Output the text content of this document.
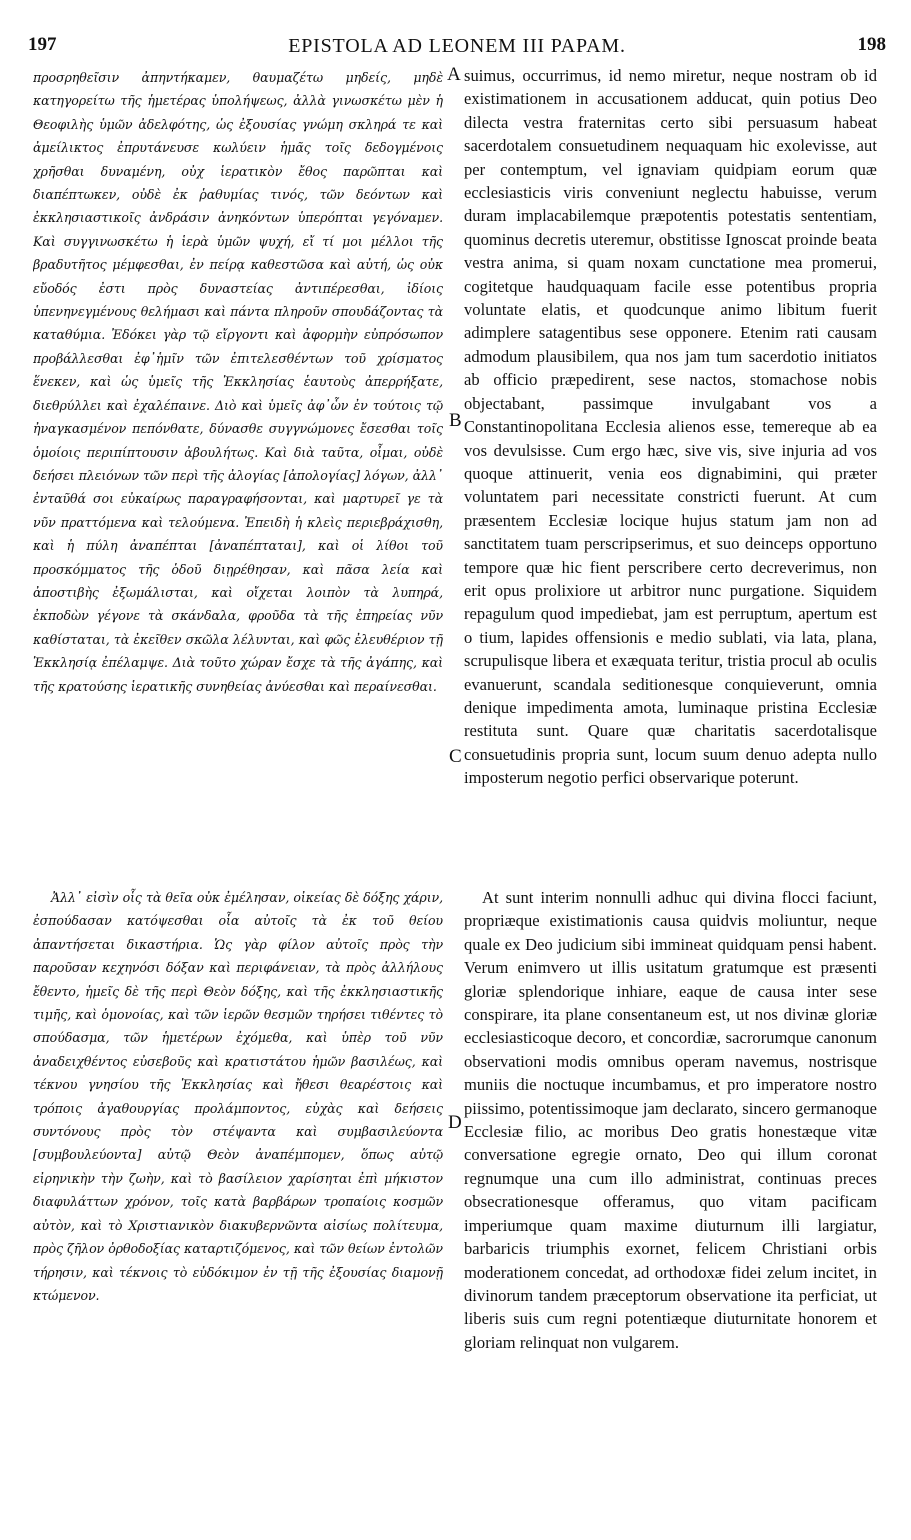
197	EPISTOLA AD LEONEM III PAPAM.	198
προσρηθεῖσιν ἀπηντήκαμεν, θαυμαζέτω μηδείς, μηδὲ κατηγορείτω τῆς ἡμετέρας ὑπολήψεως, ἀλλὰ γινωσκέτω μὲν ἡ Θεοφιλὴς ὑμῶν ἀδελφότης, ὡς ἐξουσίας γνώμη σκληρά τε καὶ ἀμείλικτος ἐπρυτάνευσε κωλύειν ἡμᾶς τοῖς δεδογμένοις χρῆσθαι δυναμένη, οὐχ ἱερατικὸν ἔθος παρῶπται καὶ διαπέπτωκεν, οὐδὲ ἐκ ῥαθυμίας τινός, τῶν δεόντων καὶ ἐκκλησιαστικοῖς ἀνδράσιν ἀνηκόντων ὑπερόπται γεγόναμεν. Καὶ συγγινωσκέτω ἡ ἱερὰ ὑμῶν ψυχή, εἴ τί μοι μέλλοι τῆς βραδυτῆτος μέμφεσθαι, ἐν πείρᾳ καθεστῶσα καὶ αὐτή, ὡς οὐκ εὔοδός ἐστι πρὸς δυναστείας ἀντιπέρεσθαι, ἰδίοις ὑπενηνεγμένους θελήμασι καὶ πάντα πληροῦν σπουδάζοντας τὰ καταθύμια. Ἐδόκει γὰρ τῷ εἴργοντι καὶ ἀφορμὴν εὐπρόσωπον προβάλλεσθαι ἐφ᾽ἡμῖν τῶν ἐπιτελεσθέντων τοῦ χρίσματος ἕνεκεν, καὶ ὡς ὑμεῖς τῆς Ἐκκλησίας ἑαυτοὺς ἀπερρήξατε, διεθρύλλει καὶ ἐχαλέπαινε. Διὸ καὶ ὑμεῖς ἀφ᾽ὧν ἐν τούτοις τῷ ἠναγκασμένον πεπόνθατε, δύνασθε συγγνώμονες ἔσεσθαι τοῖς ὁμοίοις περιπίπτουσιν ἀβουλήτως. Καὶ διὰ ταῦτα, οἶμαι, οὐδὲ δεήσει πλειόνων τῶν περὶ τῆς ἀλογίας [ἀπολογίας] λόγων, ἀλλ᾽ ἐνταῦθά σοι εὐκαίρως παραγραφήσονται, καὶ μαρτυρεῖ γε τὰ νῦν πραττόμενα καὶ τελούμενα. Ἐπειδὴ ἡ κλεὶς περιεβράχισθη, καὶ ἡ πύλη ἀναπέπται [ἀναπέπταται], καὶ οἱ λίθοι τοῦ προσκόμματος τῆς ὁδοῦ διῃρέθησαν, καὶ πᾶσα λεία καὶ ἀποστιβὴς ἐξωμάλισται, καὶ οἴχεται λοιπὸν τὰ λυπηρά, ἐκποδὼν γέγονε τὰ σκάνδαλα, φροῦδα τὰ τῆς ἐπηρείας νῦν καθίσταται, τὰ ἐκεῖθεν σκῶλα λέλυνται, καὶ φῶς ἐλευθέριον τῇ Ἐκκλησίᾳ ἐπέλαμψε. Διὰ τοῦτο χώραν ἔσχε τὰ τῆς ἀγάπης, καὶ τῆς κρατούσης ἱερατικῆς συνηθείας ἀνύεσθαι καὶ περαίνεσθαι.
suimus, occurrimus, id nemo miretur, neque nostram ob id existimationem in accusationem adducat, quin potius Deo dilecta vestra fraternitas certo sibi persuasum habeat sacerdotalem consuetudinem nequaquam hic exolevisse, aut per contemptum, vel ignaviam quidpiam eorum quæ ecclesiasticis viris conveniunt neglectu habuisse, verum duram implacabilemque præpotentis potestatis sententiam, quominus decretis uteremur, obstitisse Ignoscat proinde beata vestra anima, si quam noxam cunctatione mea promerui, cogitetque haudquaquam facile esse potentibus propria voluntate elatis, et quodcunque animo libitum fuerit adimplere satagentibus sese opponere. Etenim rati causam admodum plausibilem, qua nos jam tum sacerdotio initiatos ab officio præpedirent, sese nactos, stomachose nobis objectabant, passimque invulgabant vos a Constantinopolitana Ecclesia alienos esse, temereque ab ea vos devulsisse. Cum ergo hæc, sive vis, sive injuria ad vos quoque attinuerit, venia eos dignabimini, qui præter voluntatem pari necessitate constricti fuerunt. At cum præsentem Ecclesiæ locique hujus statum jam non ad sanctitatem tuam perscripserimus, et suo deinceps opportuno tempore quæ hic fient perscribere certo decreverimus, non erit opus prolixiore ut arbitror nunc purgatione. Siquidem repagulum quod impediebat, jam est perruptum, apertum est o tium, lapides offensionis e medio sublati, via lata, plana, scrupulisque libera et exæquata teritur, tristia procul ab oculis evanuerunt, scandala seditionesque conquieverunt, omnia denique impedimenta amota, luminaque pristina Ecclesiæ restituta sunt. Quare quæ charitatis sacerdotalisque consuetudinis propria sunt, locum suum denuo adepta nullo imposterum negotio perfici observarique poterunt.
Ἀλλ᾽ εἰσὶν οἷς τὰ θεῖα οὐκ ἐμέλησαν, οἰκείας δὲ δόξης χάριν, ἐσπούδασαν κατόψεσθαι οἷα αὐτοῖς τὰ ἐκ τοῦ θείου ἀπαντήσεται δικαστήρια. Ὡς γὰρ φίλον αὐτοῖς πρὸς τὴν παροῦσαν κεχηνόσι δόξαν καὶ περιφάνειαν, τὰ πρὸς ἀλλήλους ἔθεντο, ἡμεῖς δὲ τῆς περὶ Θεὸν δόξης, καὶ τῆς ἐκκλησιαστικῆς τιμῆς, καὶ ὁμονοίας, καὶ τῶν ἱερῶν θεσμῶν τηρήσει τιθέντες τὸ σπούδασμα, τῶν ἡμετέρων ἐχόμεθα, καὶ ὑπὲρ τοῦ νῦν ἀναδειχθέντος εὐσεβοῦς καὶ κρατιστάτου ἡμῶν βασιλέως, καὶ τέκνου γνησίου τῆς Ἐκκλησίας καὶ ἤθεσι θεαρέστοις καὶ τρόποις ἀγαθουργίας προλάμποντος, εὐχὰς καὶ δεήσεις συντόνους πρὸς τὸν στέψαντα καὶ συμβασιλεύοντα [συμβουλεύοντα] αὐτῷ Θεὸν ἀναπέμπομεν, ὅπως αὐτῷ εἰρηνικὴν τὴν ζωὴν, καὶ τὸ βασίλειον χαρίσηται ἐπὶ μήκιστον διαφυλάττων χρόνον, τοῖς κατὰ βαρβάρων τροπαίοις κοσμῶν αὐτὸν, καὶ τὸ Χριστιανικὸν διακυβερνῶντα αἰσίως πολίτευμα, πρὸς ζῆλον ὀρθοδοξίας καταρτιζόμενος, καὶ τῶν θείων ἐντολῶν τήρησιν, καὶ τέκνοις τὸ εὐδόκιμον ἐν τῇ τῆς ἐξουσίας διαμονῇ κτώμενον.
At sunt interim nonnulli adhuc qui divina flocci faciunt, propriæque existimationis causa quidvis moliuntur, neque quale ex Deo judicium sibi immineat quidquam pensi habent. Verum enimvero ut illis usitatum gratumque est præsenti gloriæ splendorique inhiare, eaque de causa inter sese conspirare, ita plane consentaneum est, ut nos divinæ gloriæ ecclesiasticoque decoro, et concordiæ, sacrorumque canonum observationi modis omnibus operam navemus, nostrisque muniis die noctuque incumbamus, et pro imperatore nostro piissimo, potentissimoque jam declarato, sincero germanoque Ecclesiæ filio, ac moribus Deo gratis honestæque vitæ conversatione egregie ornato, Deo qui illum coronat regnumque una cum illo administrat, continuas preces obsecrationesque offeramus, quo vitam pacificam imperiumque quam maxime diuturnum illi largiatur, barbaricis triumphis exornet, felicem Christiani orbis moderationem concedat, ad orthodoxæ fidei zelum incitet, in divinorum tandem præceptorum observatione ita perficiat, ut liberis suis cum regni potentiæque diuturnitate honorem et gloriam relinquat non vulgarem.
A
B
C
D
